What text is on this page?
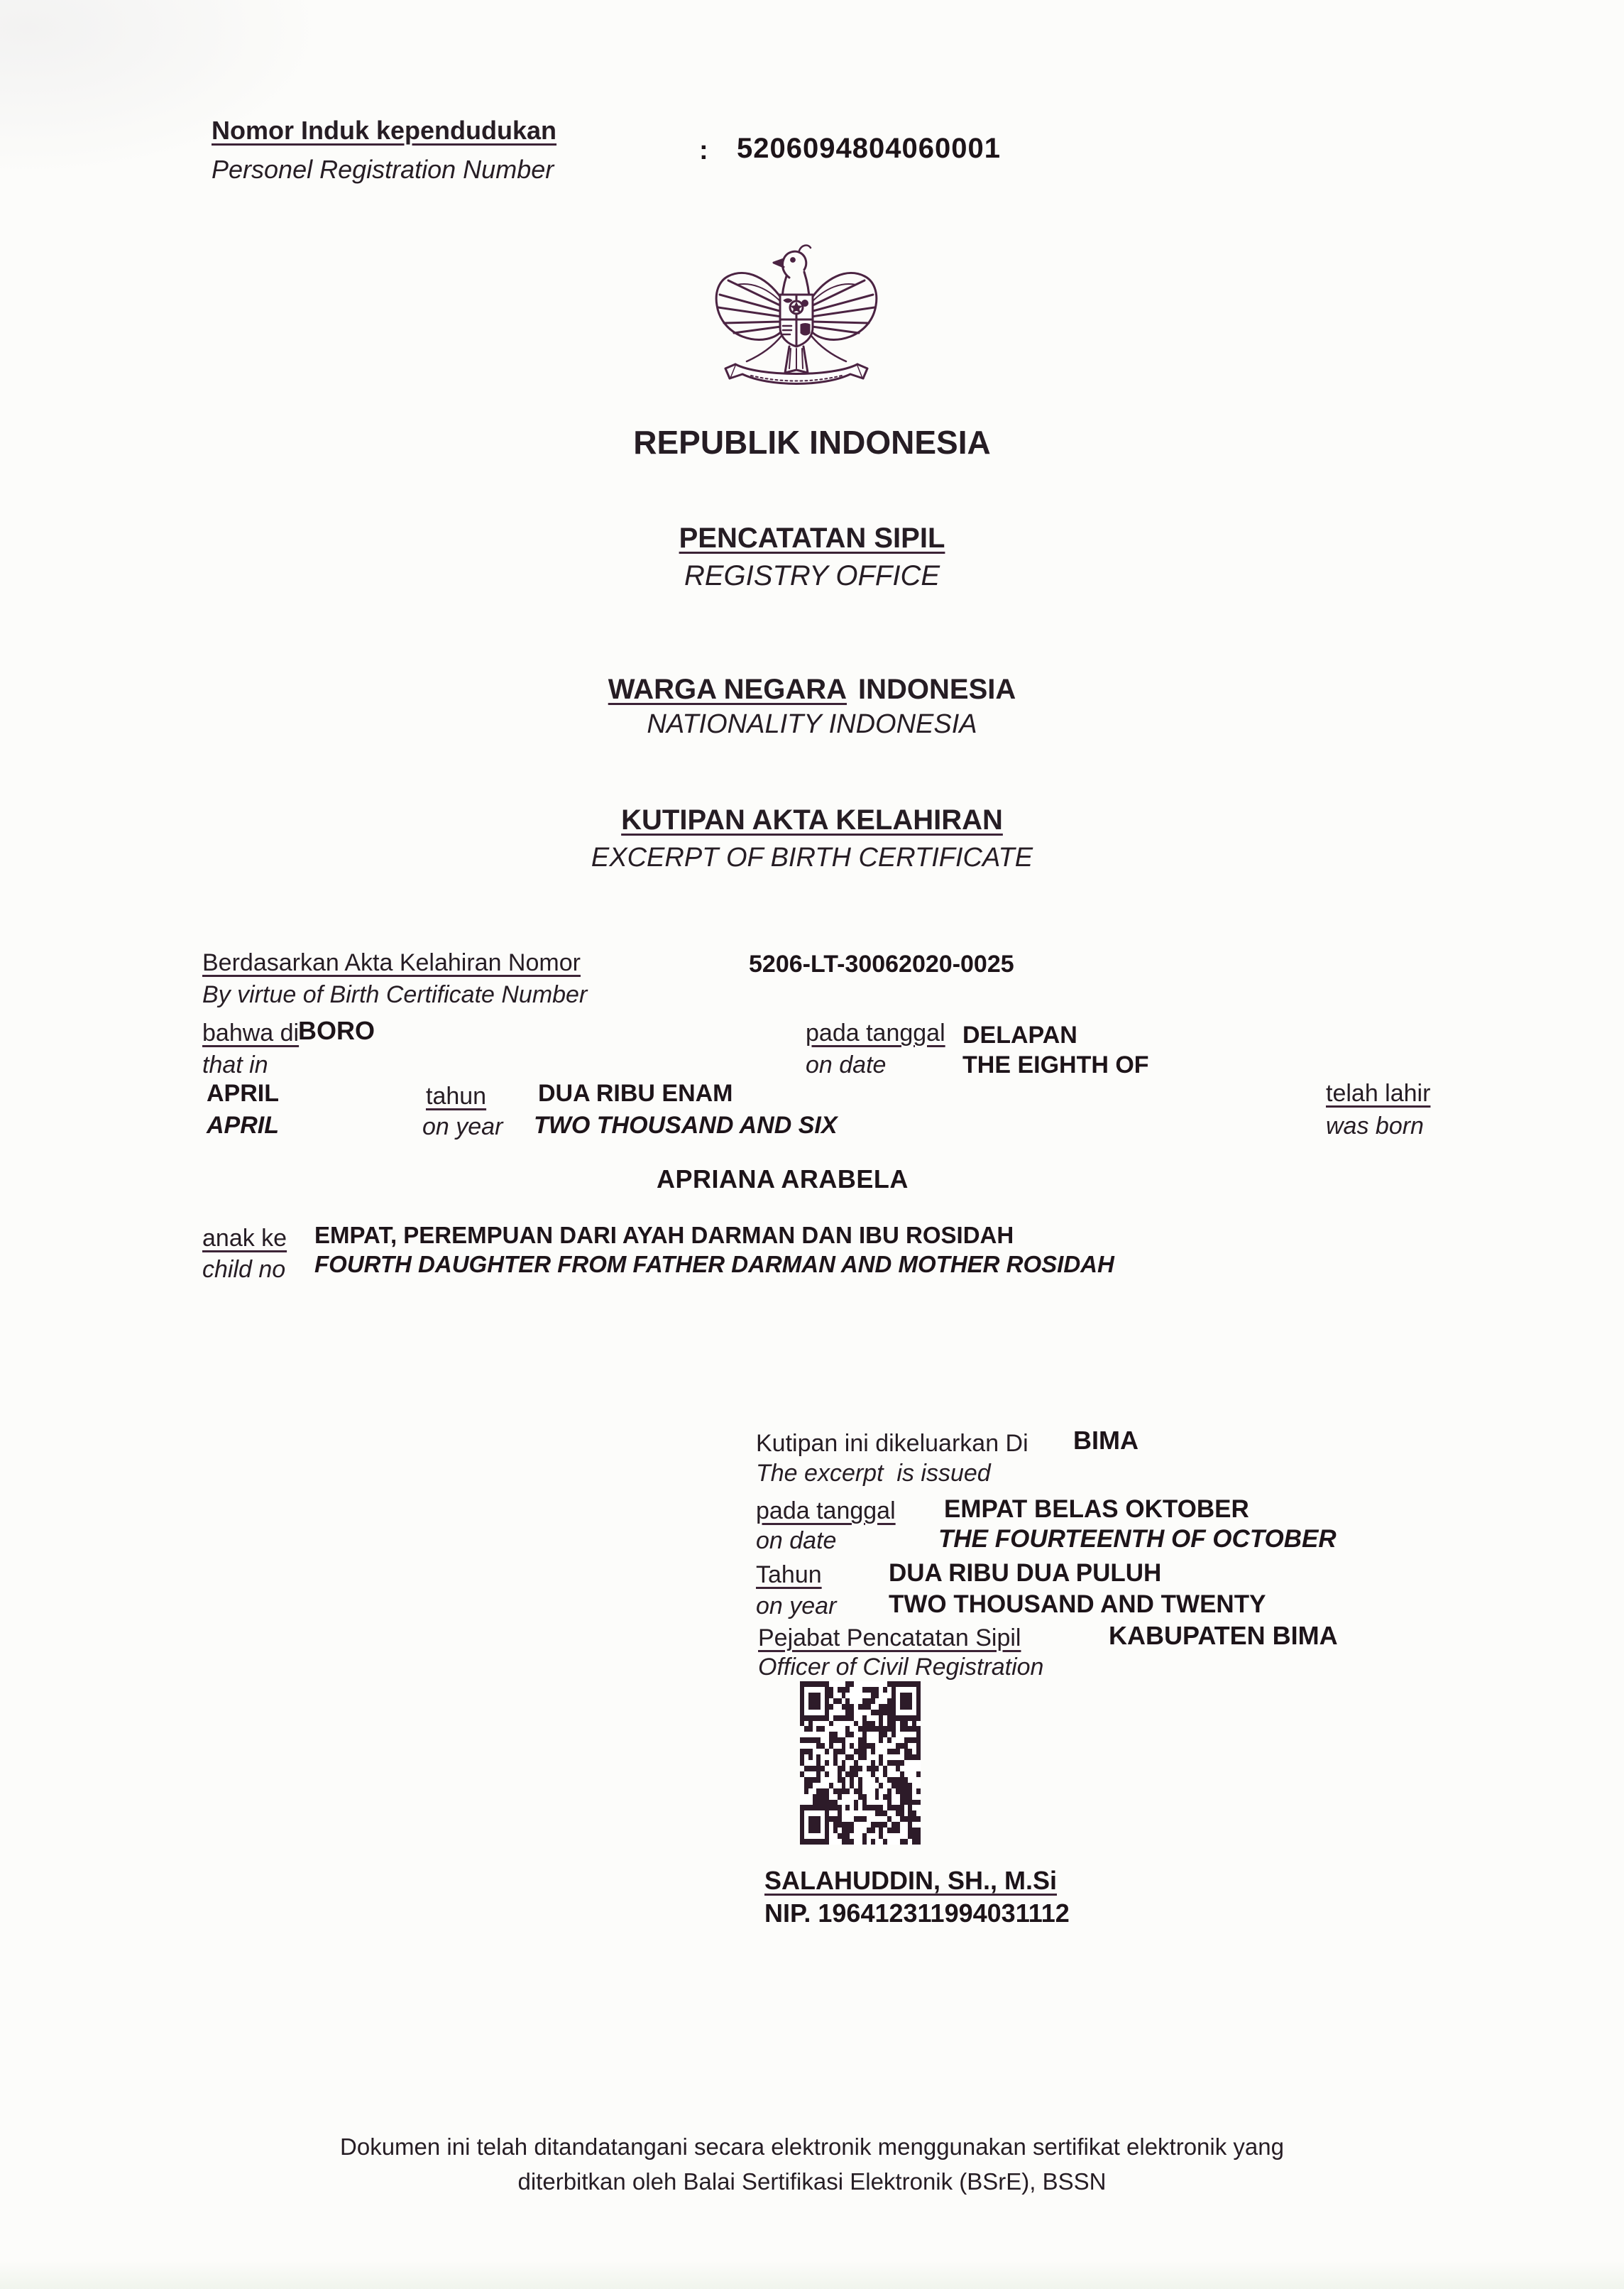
Nomor Induk kependudukan
Personel Registration Number
: 5206094804060001
REPUBLIK INDONESIA
PENCATATAN SIPIL
REGISTRY OFFICE
WARGA NEGARA INDONESIA
NATIONALITY INDONESIA
KUTIPAN AKTA KELAHIRAN
EXCERPT OF BIRTH CERTIFICATE
Berdasarkan Akta Kelahiran Nomor
By virtue of Birth Certificate Number
5206-LT-30062020-0025
bahwa di
BORO
that in
pada tanggal DELAPAN
on date	THE EIGHTH OF
APRIL	tahun DUA RIBU ENAM
APRIL	on year TWO THOUSAND AND SIX
telah lahir
was born
APRIANA ARABELA
anak ke
child no
EMPAT, PEREMPUAN DARI AYAH DARMAN DAN IBU ROSIDAH
FOURTH DAUGHTER FROM FATHER DARMAN AND MOTHER ROSIDAH
Kutipan ini dikeluarkan Di BIMA
The excerpt  is issued
pada tanggal EMPAT BELAS OKTOBER
on date	THE FOURTEENTH OF OCTOBER
Tahun	DUA RIBU DUA PULUH
on year TWO THOUSAND AND TWENTY
Pejabat Pencatatan Sipil	KABUPATEN BIMA
Officer of Civil Registration
SALAHUDDIN, SH., M.Si
NIP. 196412311994031112
Dokumen ini telah ditandatangani secara elektronik menggunakan sertifikat elektronik yang
diterbitkan oleh Balai Sertifikasi Elektronik (BSrE), BSSN
